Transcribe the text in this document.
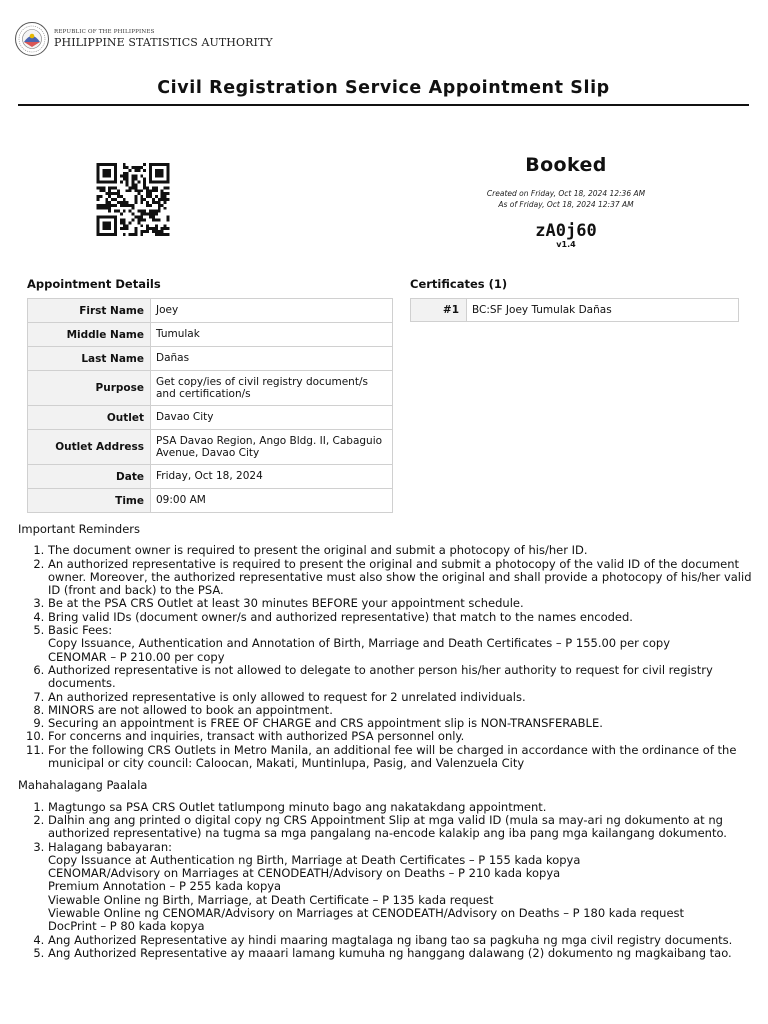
REPUBLIC OF THE PHILIPPINES
PHILIPPINE STATISTICS AUTHORITY
Civil Registration Service Appointment Slip
Booked
Created on Friday, Oct 18, 2024 12:36 AM
As of Friday, Oct 18, 2024 12:37 AM
zA0j60
v1.4
Appointment Details
First Name	Joey
Middle Name	Tumulak
Last Name	Dañas
Purpose	Get copy/ies of civil registry document/s and certification/s
Outlet	Davao City
Outlet Address	PSA Davao Region, Ango Bldg. II, Cabaguio Avenue, Davao City
Date	Friday, Oct 18, 2024
Time	09:00 AM
Certificates (1)
#1	BC:SF Joey Tumulak Dañas
Important Reminders
1. The document owner is required to present the original and submit a photocopy of his/her ID.
2. An authorized representative is required to present the original and submit a photocopy of the valid ID of the document owner. Moreover, the authorized representative must also show the original and shall provide a photocopy of his/her valid ID (front and back) to the PSA.
3. Be at the PSA CRS Outlet at least 30 minutes BEFORE your appointment schedule.
4. Bring valid IDs (document owner/s and authorized representative) that match to the names encoded.
5. Basic Fees:
Copy Issuance, Authentication and Annotation of Birth, Marriage and Death Certificates – P 155.00 per copy
CENOMAR – P 210.00 per copy
6. Authorized representative is not allowed to delegate to another person his/her authority to request for civil registry documents.
7. An authorized representative is only allowed to request for 2 unrelated individuals.
8. MINORS are not allowed to book an appointment.
9. Securing an appointment is FREE OF CHARGE and CRS appointment slip is NON-TRANSFERABLE.
10. For concerns and inquiries, transact with authorized PSA personnel only.
11. For the following CRS Outlets in Metro Manila, an additional fee will be charged in accordance with the ordinance of the municipal or city council: Caloocan, Makati, Muntinlupa, Pasig, and Valenzuela City
Mahahalagang Paalala
1. Magtungo sa PSA CRS Outlet tatlumpong minuto bago ang nakatakdang appointment.
2. Dalhin ang ang printed o digital copy ng CRS Appointment Slip at mga valid ID (mula sa may-ari ng dokumento at ng authorized representative) na tugma sa mga pangalang na-encode kalakip ang iba pang mga kailangang dokumento.
3. Halagang babayaran:
Copy Issuance at Authentication ng Birth, Marriage at Death Certificates – P 155 kada kopya
CENOMAR/Advisory on Marriages at CENODEATH/Advisory on Deaths – P 210 kada kopya
Premium Annotation – P 255 kada kopya
Viewable Online ng Birth, Marriage, at Death Certificate – P 135 kada request
Viewable Online ng CENOMAR/Advisory on Marriages at CENODEATH/Advisory on Deaths – P 180 kada request
DocPrint – P 80 kada kopya
4. Ang Authorized Representative ay hindi maaring magtalaga ng ibang tao sa pagkuha ng mga civil registry documents.
5. Ang Authorized Representative ay maaari lamang kumuha ng hanggang dalawang (2) dokumento ng magkaibang tao.
